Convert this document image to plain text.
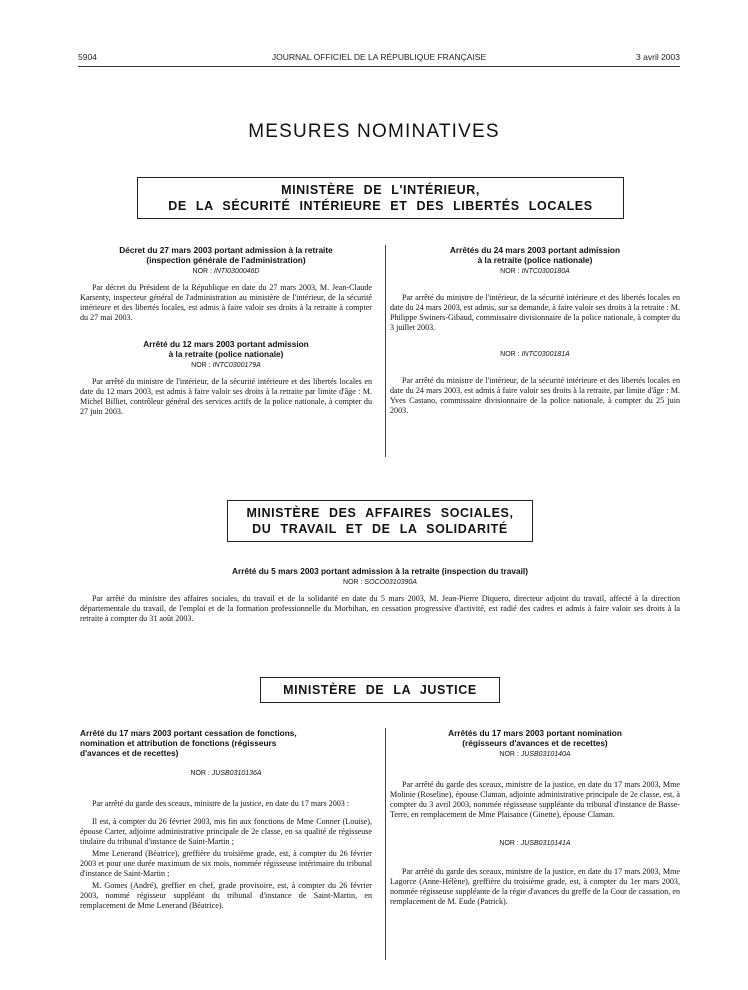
5904	JOURNAL OFFICIEL DE LA RÉPUBLIQUE FRANÇAISE	3 avril 2003
MESURES NOMINATIVES
MINISTÈRE DE L'INTÉRIEUR,
DE LA SÉCURITÉ INTÉRIEURE ET DES LIBERTÉS LOCALES
Décret du 27 mars 2003 portant admission à la retraite
(inspection générale de l'administration)
NOR : INTI0300046D

Par décret du Président de la République en date du 27 mars 2003, M. Jean-Claude Karsenty, inspecteur général de l'administration au ministère de l'intérieur, de la sécurité intérieure et des libertés locales, est admis à faire valoir ses droits à la retraite à compter du 27 mai 2003.

Arrêté du 12 mars 2003 portant admission
à la retraite (police nationale)
NOR : INTC0300179A

Par arrêté du ministre de l'intérieur, de la sécurité intérieure et des libertés locales en date du 12 mars 2003, est admis à faire valoir ses droits à la retraite par limite d'âge : M. Michel Billiet, contrôleur général des services actifs de la police nationale, à compter du 27 juin 2003.

Arrêtés du 24 mars 2003 portant admission
à la retraite (police nationale)
NOR : INTC0300180A

Par arrêté du ministre de l'intérieur, de la sécurité intérieure et des libertés locales en date du 24 mars 2003, est admis, sur sa demande, à faire valoir ses droits à la retraite : M. Philippe Swiners-Gibaud, commissaire divisionnaire de la police nationale, à compter du 3 juillet 2003.

NOR : INTC0300181A

Par arrêté du ministre de l'intérieur, de la sécurité intérieure et des libertés locales en date du 24 mars 2003, est admis à faire valoir ses droits à la retraite, par limite d'âge : M. Yves Castano, commissaire divisionnaire de la police nationale, à compter du 25 juin 2003.

MINISTÈRE DES AFFAIRES SOCIALES,
DU TRAVAIL ET DE LA SOLIDARITÉ
Arrêté du 5 mars 2003 portant admission à la retraite (inspection du travail)
NOR : SOCO0310390A

Par arrêté du ministre des affaires sociales, du travail et de la solidarité en date du 5 mars 2003, M. Jean-Pierre Diquero, directeur adjoint du travail, affecté à la direction départementale du travail, de l'emploi et de la formation professionnelle du Morbihan, en cessation progressive d'activité, est radié des cadres et admis à faire valoir ses droits à la retraite à compter du 31 août 2003.

MINISTÈRE DE LA JUSTICE
Arrêté du 17 mars 2003 portant cessation de fonctions,
nomination et attribution de fonctions (régisseurs
d'avances et de recettes)
NOR : JUSB0310136A

Par arrêté du garde des sceaux, ministre de la justice, en date du 17 mars 2003 :

Il est, à compter du 26 février 2003, mis fin aux fonctions de Mme Conner (Louise), épouse Carter, adjointe administrative principale de 2e classe, en sa qualité de régisseuse titulaire du tribunal d'instance de Saint-Martin ;

Mme Lenerand (Béatrice), greffière du troisième grade, est, à compter du 26 février 2003 et pour une durée maximum de six mois, nommée régisseuse intérimaire du tribunal d'instance de Saint-Martin ;

M. Gomes (André), greffier en chef, grade provisoire, est, à compter du 26 février 2003, nommé régisseur suppléant du tribunal d'instance de Saint-Martin, en remplacement de Mme Lenerand (Béatrice).

Arrêtés du 17 mars 2003 portant nomination
(régisseurs d'avances et de recettes)
NOR : JUSB0310140A

Par arrêté du garde des sceaux, ministre de la justice, en date du 17 mars 2003, Mme Molinie (Roseline), épouse Claman, adjointe administrative principale de 2e classe, est, à compter du 3 avril 2003, nommée régisseuse suppléante du tribunal d'instance de Basse-Terre, en remplacement de Mme Plaisance (Ginette), épouse Claman.

NOR : JUSB0310141A

Par arrêté du garde des sceaux, ministre de la justice, en date du 17 mars 2003, Mme Lagorce (Anne-Hélène), greffière du troisième grade, est, à compter du 1er mars 2003, nommée régisseuse suppléante de la régie d'avances du greffe de la Cour de cassation, en remplacement de M. Eude (Patrick).
